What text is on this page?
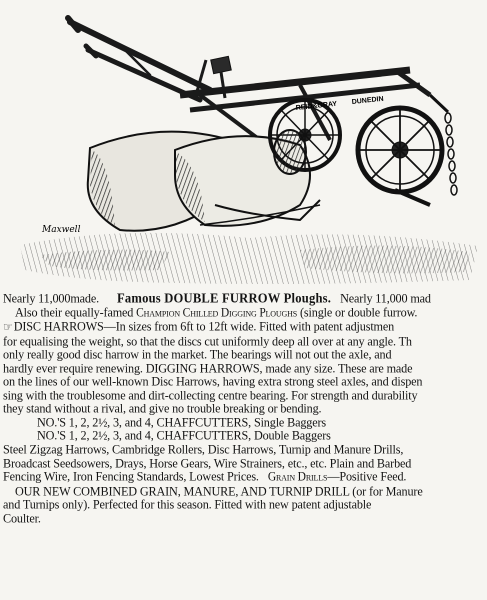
REID&GRAY DUNEDIN
Maxwell
Nearly 11,000made. Famous DOUBLE FURROW Ploughs. Nearly 11,000 mad
Also their equally-famed Champion Chilled Digging Ploughs (single or double furrow.
☞DISC HARROWS—In sizes from 6ft to 12ft wide. Fitted with patent adjustmen
for equalising the weight, so that the discs cut uniformly deep all over at any angle. Th
only really good disc harrow in the market. The bearings will not out the axle, and
hardly ever require renewing. DIGGING HARROWS, made any size. These are made
on the lines of our well-known Disc Harrows, having extra strong steel axles, and dispen
sing with the troublesome and dirt-collecting centre bearing. For strength and durability
they stand without a rival, and give no trouble breaking or bending.
NO.'S 1, 2, 2½, 3, and 4, CHAFFCUTTERS, Single Baggers
NO.'S 1, 2, 2½, 3, and 4, CHAFFCUTTERS, Double Baggers
Steel Zigzag Harrows, Cambridge Rollers, Disc Harrows, Turnip and Manure Drills,
Broadcast Seedsowers, Drays, Horse Gears, Wire Strainers, etc., etc. Plain and Barbed
Fencing Wire, Iron Fencing Standards, Lowest Prices. Grain Drills—Positive Feed.
OUR NEW COMBINED GRAIN, MANURE, AND TURNIP DRILL (or for Manure
and Turnips only). Perfected for this season. Fitted with new patent adjustable
Coulter.
